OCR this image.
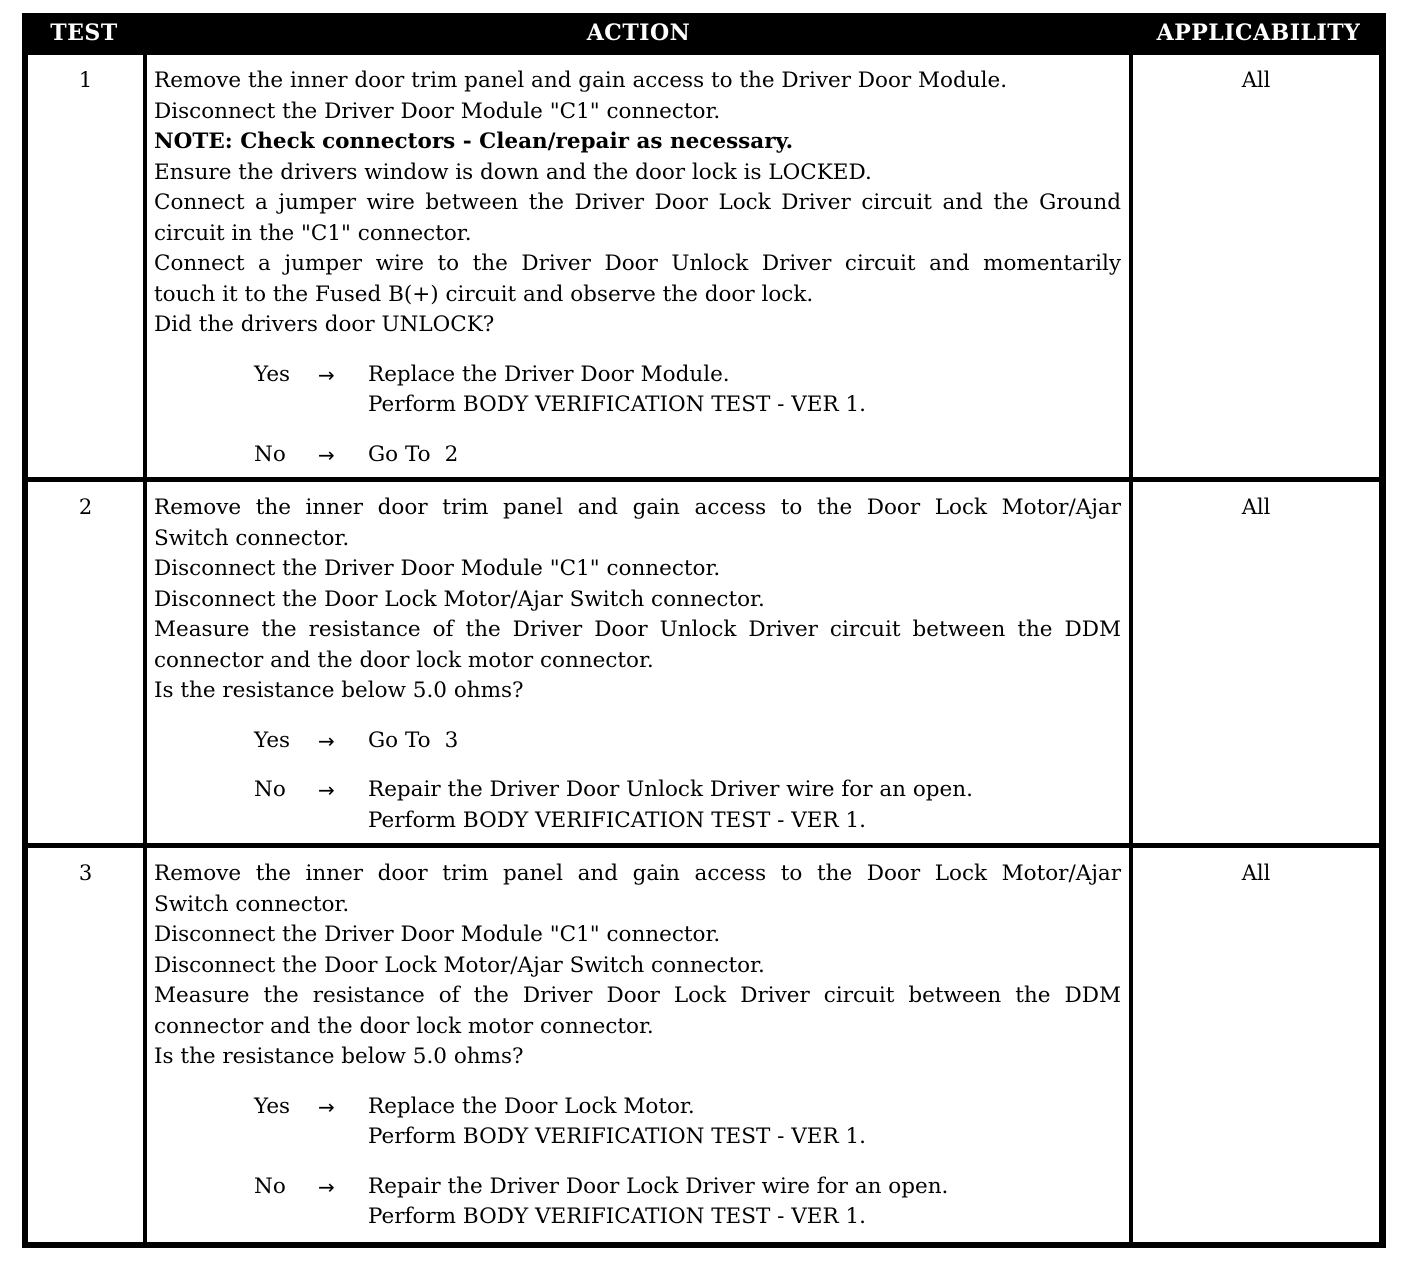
TEST	ACTION	APPLICABILITY
1	Remove the inner door trim panel and gain access to the Driver Door Module.
Disconnect the Driver Door Module "C1" connector.
NOTE: Check connectors - Clean/repair as necessary.
Ensure the drivers window is down and the door lock is LOCKED.
Connect a jumper wire between the Driver Door Lock Driver circuit and the Ground
circuit in the "C1" connector.
Connect a jumper wire to the Driver Door Unlock Driver circuit and momentarily
touch it to the Fused B(+) circuit and observe the door lock.
Did the drivers door UNLOCK?
Yes → Replace the Driver Door Module.
Perform BODY VERIFICATION TEST - VER 1.
No → Go To 2
All
2	Remove the inner door trim panel and gain access to the Door Lock Motor/Ajar
Switch connector.
Disconnect the Driver Door Module "C1" connector.
Disconnect the Door Lock Motor/Ajar Switch connector.
Measure the resistance of the Driver Door Unlock Driver circuit between the DDM
connector and the door lock motor connector.
Is the resistance below 5.0 ohms?
Yes → Go To 3
No → Repair the Driver Door Unlock Driver wire for an open.
Perform BODY VERIFICATION TEST - VER 1.
All
3	Remove the inner door trim panel and gain access to the Door Lock Motor/Ajar
Switch connector.
Disconnect the Driver Door Module "C1" connector.
Disconnect the Door Lock Motor/Ajar Switch connector.
Measure the resistance of the Driver Door Lock Driver circuit between the DDM
connector and the door lock motor connector.
Is the resistance below 5.0 ohms?
Yes → Replace the Door Lock Motor.
Perform BODY VERIFICATION TEST - VER 1.
No → Repair the Driver Door Lock Driver wire for an open.
Perform BODY VERIFICATION TEST - VER 1.
All
